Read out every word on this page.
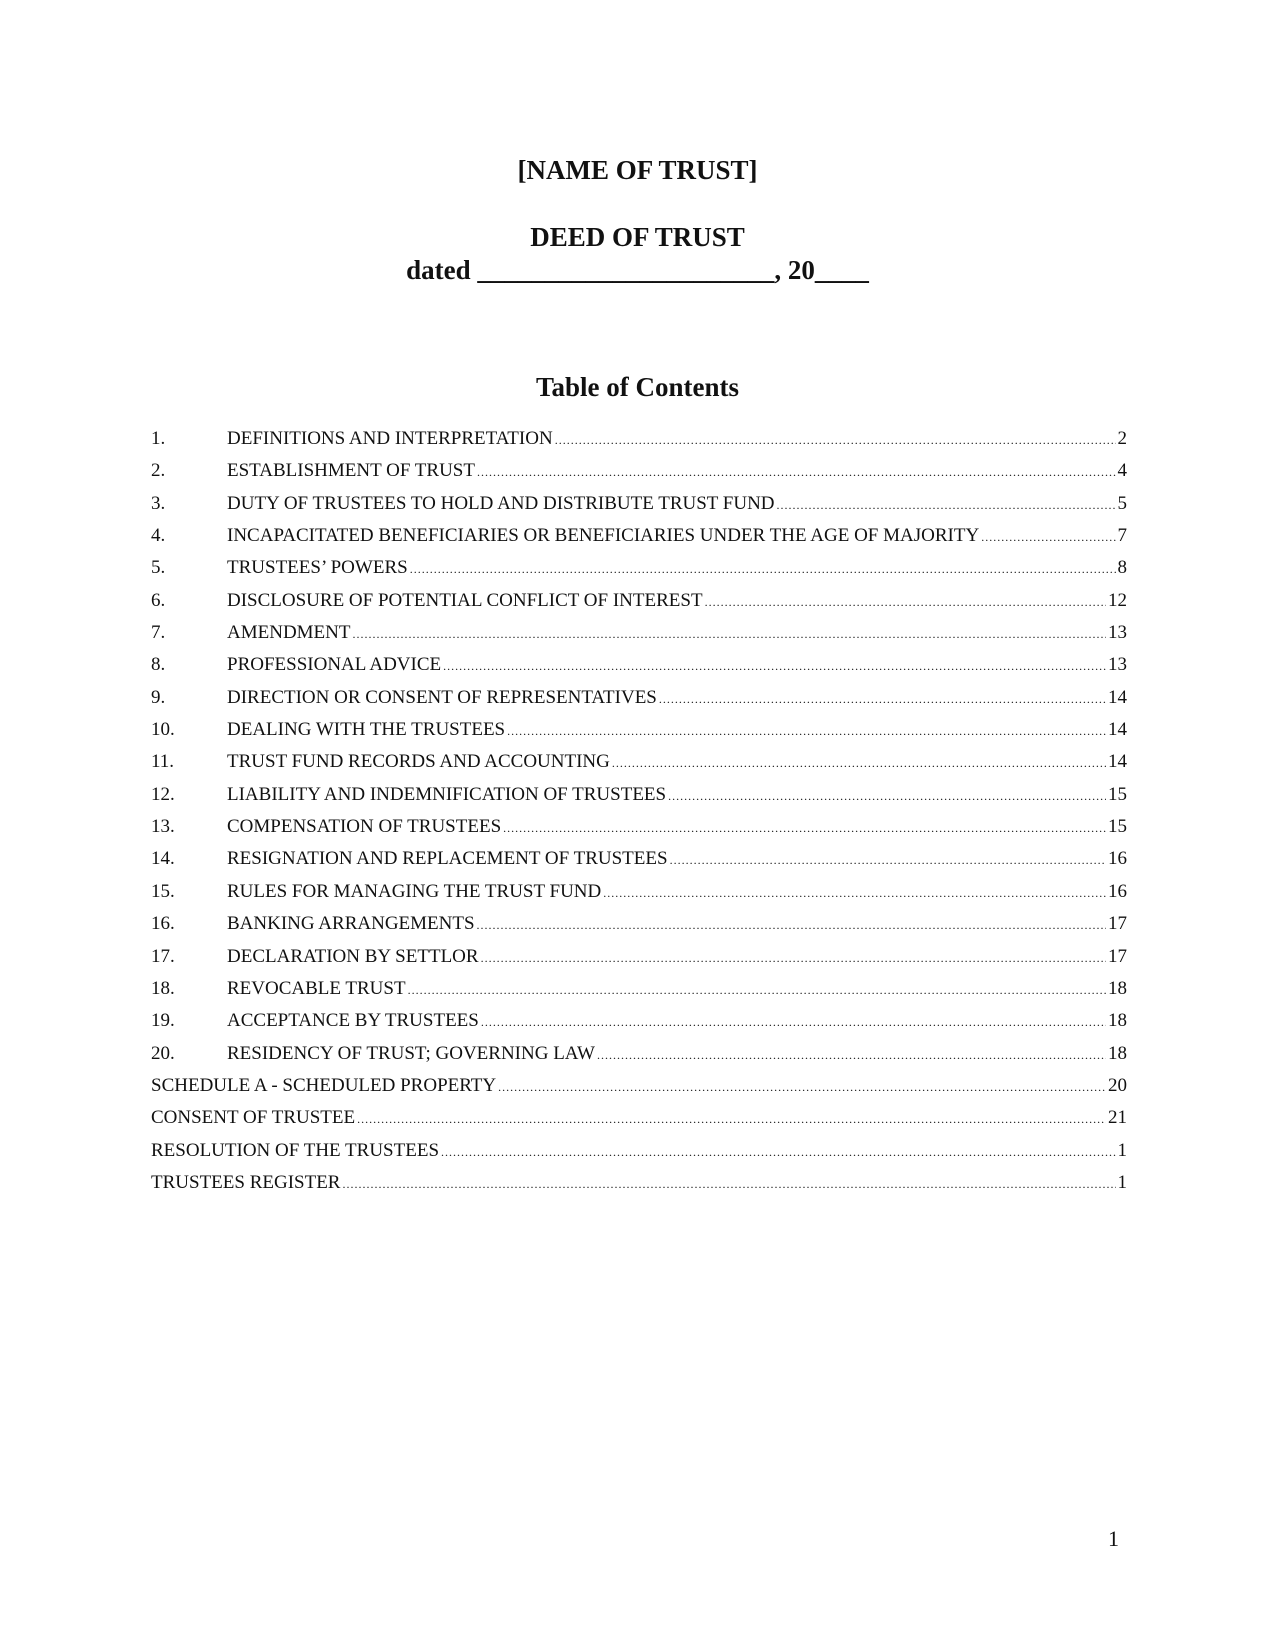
[NAME OF TRUST]
DEED OF TRUST
dated ______________________, 20____
Table of Contents
1.	DEFINITIONS AND INTERPRETATION .....	2
2.	ESTABLISHMENT OF TRUST .....	4
3.	DUTY OF TRUSTEES TO HOLD AND DISTRIBUTE TRUST FUND .....	5
4.	INCAPACITATED BENEFICIARIES OR BENEFICIARIES UNDER THE AGE OF MAJORITY .....	7
5.	TRUSTEES’ POWERS .....	8
6.	DISCLOSURE OF POTENTIAL CONFLICT OF INTEREST .....	12
7.	AMENDMENT .....	13
8.	PROFESSIONAL ADVICE .....	13
9.	DIRECTION OR CONSENT OF REPRESENTATIVES .....	14
10.	DEALING WITH THE TRUSTEES .....	14
11.	TRUST FUND RECORDS AND ACCOUNTING .....	14
12.	LIABILITY AND INDEMNIFICATION OF TRUSTEES .....	15
13.	COMPENSATION OF TRUSTEES .....	15
14.	RESIGNATION AND REPLACEMENT OF TRUSTEES .....	16
15.	RULES FOR MANAGING THE TRUST FUND .....	16
16.	BANKING ARRANGEMENTS .....	17
17.	DECLARATION BY SETTLOR .....	17
18.	REVOCABLE TRUST .....	18
19.	ACCEPTANCE BY TRUSTEES .....	18
20.	RESIDENCY OF TRUST; GOVERNING LAW .....	18
SCHEDULE A - SCHEDULED PROPERTY .....	20
CONSENT OF TRUSTEE .....	21
RESOLUTION OF THE TRUSTEES .....	1
TRUSTEES REGISTER .....	1
1
